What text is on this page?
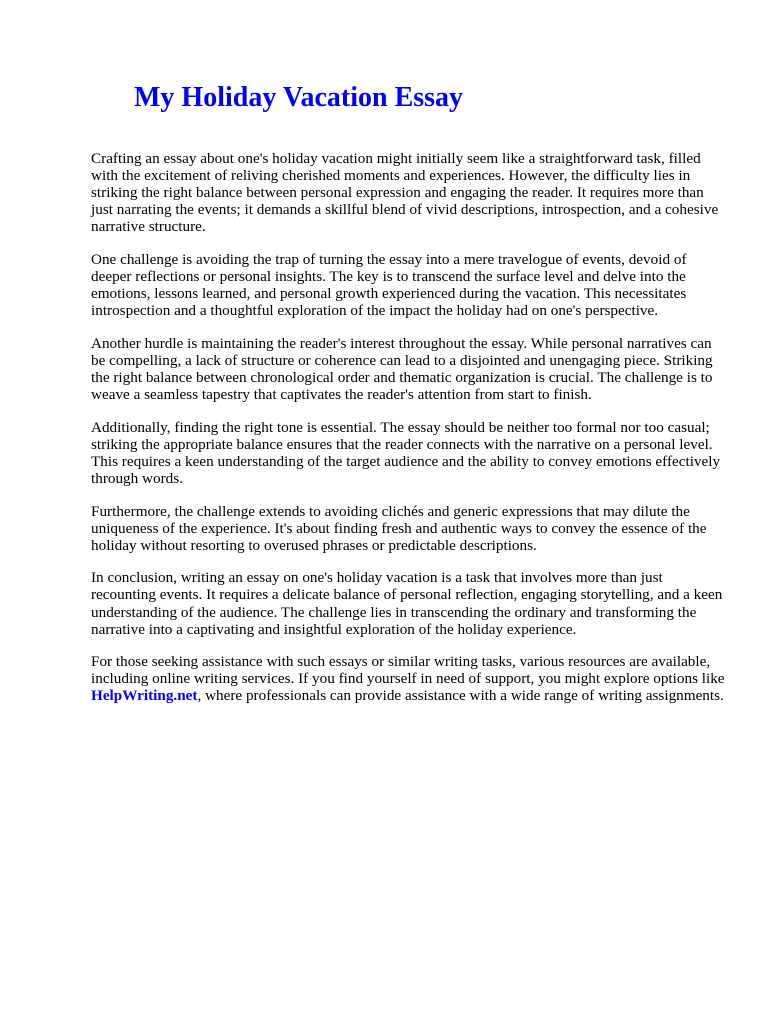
My Holiday Vacation Essay

Crafting an essay about one's holiday vacation might initially seem like a straightforward task, filled with the excitement of reliving cherished moments and experiences. However, the difficulty lies in striking the right balance between personal expression and engaging the reader. It requires more than just narrating the events; it demands a skillful blend of vivid descriptions, introspection, and a cohesive narrative structure.

One challenge is avoiding the trap of turning the essay into a mere travelogue of events, devoid of deeper reflections or personal insights. The key is to transcend the surface level and delve into the emotions, lessons learned, and personal growth experienced during the vacation. This necessitates introspection and a thoughtful exploration of the impact the holiday had on one's perspective.

Another hurdle is maintaining the reader's interest throughout the essay. While personal narratives can be compelling, a lack of structure or coherence can lead to a disjointed and unengaging piece. Striking the right balance between chronological order and thematic organization is crucial. The challenge is to weave a seamless tapestry that captivates the reader's attention from start to finish.

Additionally, finding the right tone is essential. The essay should be neither too formal nor too casual; striking the appropriate balance ensures that the reader connects with the narrative on a personal level. This requires a keen understanding of the target audience and the ability to convey emotions effectively through words.

Furthermore, the challenge extends to avoiding clichés and generic expressions that may dilute the uniqueness of the experience. It's about finding fresh and authentic ways to convey the essence of the holiday without resorting to overused phrases or predictable descriptions.

In conclusion, writing an essay on one's holiday vacation is a task that involves more than just recounting events. It requires a delicate balance of personal reflection, engaging storytelling, and a keen understanding of the audience. The challenge lies in transcending the ordinary and transforming the narrative into a captivating and insightful exploration of the holiday experience.

For those seeking assistance with such essays or similar writing tasks, various resources are available, including online writing services. If you find yourself in need of support, you might explore options like HelpWriting.net, where professionals can provide assistance with a wide range of writing assignments.
